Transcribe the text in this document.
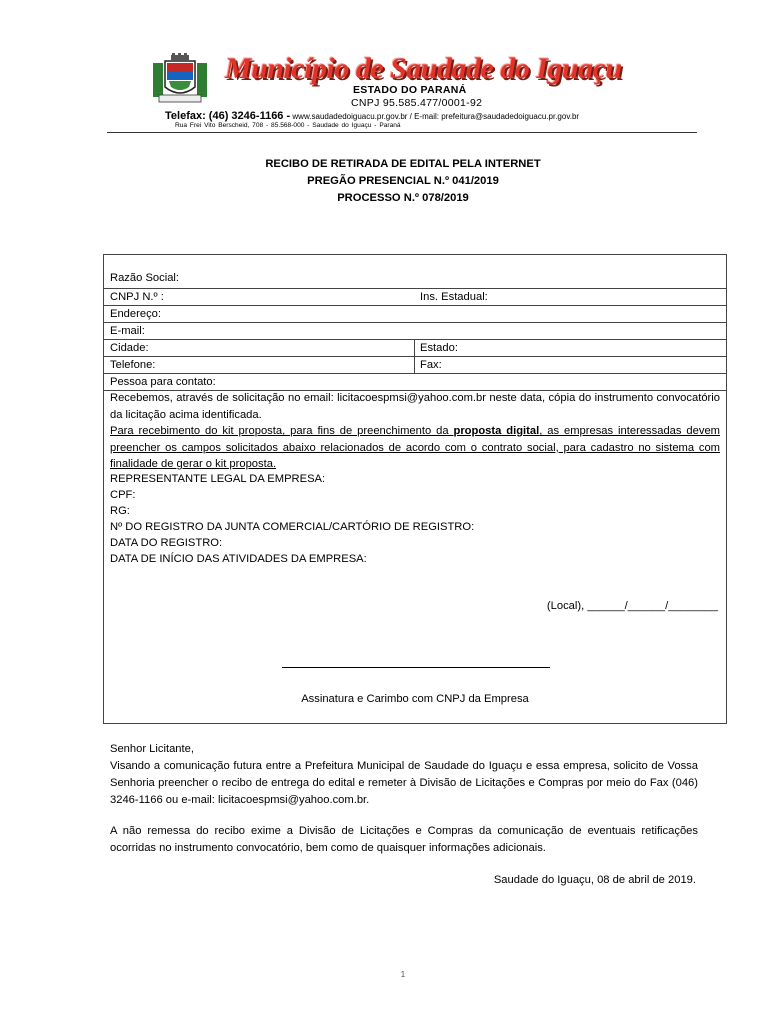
Município de Saudade do Iguaçu
ESTADO DO PARANÁ
CNPJ 95.585.477/0001-92
Telefax: (46) 3246-1166 - www.saudadedoiguacu.pr.gov.br / E-mail: prefeitura@saudadedoiguacu.pr.gov.br
Rua Frei Vito Berscheid, 708 - 85.568-000 - Saudade do Iguaçu - Paraná
RECIBO DE RETIRADA DE EDITAL PELA INTERNET
PREGÃO PRESENCIAL N.º 041/2019
PROCESSO N.º 078/2019
Razão Social:
CNPJ N.º :	Ins. Estadual:
Endereço:
E-mail:
Cidade:	Estado:
Telefone:	Fax:
Pessoa para contato:
Recebemos, através de solicitação no email: licitacoespmsi@yahoo.com.br neste data, cópia do instrumento convocatório da licitação acima identificada.
Para recebimento do kit proposta, para fins de preenchimento da proposta digital, as empresas interessadas devem preencher os campos solicitados abaixo relacionados de acordo com o contrato social, para cadastro no sistema com finalidade de gerar o kit proposta.
REPRESENTANTE LEGAL DA EMPRESA:
CPF:
RG:
Nº DO REGISTRO DA JUNTA COMERCIAL/CARTÓRIO DE REGISTRO:
DATA DO REGISTRO:
DATA DE INÍCIO DAS ATIVIDADES DA EMPRESA:
(Local), ______/______/________
Assinatura e Carimbo com CNPJ da Empresa
Senhor Licitante,
Visando a comunicação futura entre a Prefeitura Municipal de Saudade do Iguaçu e essa empresa, solicito de Vossa Senhoria preencher o recibo de entrega do edital e remeter à Divisão de Licitações e Compras por meio do Fax (046) 3246-1166 ou e-mail: licitacoespmsi@yahoo.com.br.
A não remessa do recibo exime a Divisão de Licitações e Compras da comunicação de eventuais retificações ocorridas no instrumento convocatório, bem como de quaisquer informações adicionais.
Saudade do Iguaçu, 08 de abril de 2019.
1
